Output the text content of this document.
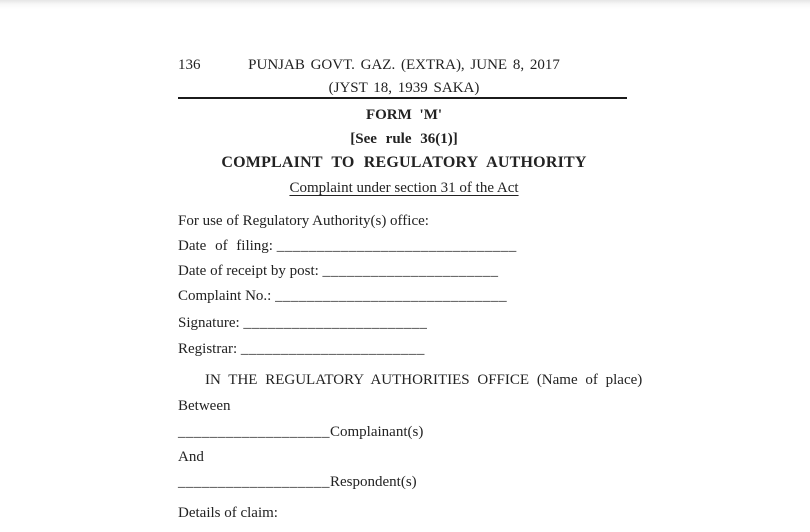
136	PUNJAB GOVT. GAZ. (EXTRA), JUNE 8, 2017
(JYST 18, 1939 SAKA)
FORM 'M'
[See rule 36(1)]
COMPLAINT TO REGULATORY AUTHORITY
Complaint under section 31 of the Act
For use of Regulatory Authority(s) office:
Date of filing: ______________________________
Date of receipt by post: ______________________
Complaint No.: _____________________________
Signature: _______________________
Registrar: _______________________
IN THE REGULATORY AUTHORITIES OFFICE (Name of place)
Between
___________________Complainant(s)
And
___________________Respondent(s)
Details of claim:
